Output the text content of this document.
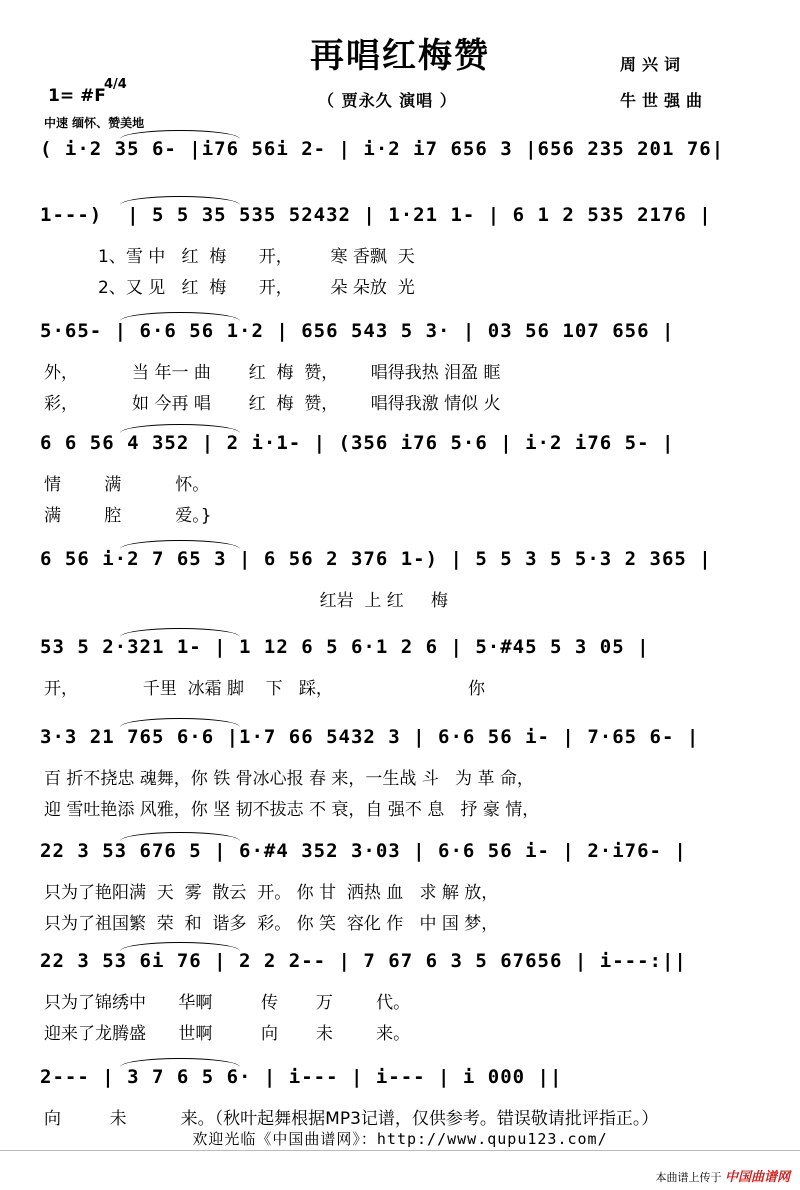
再唱红梅赞	周兴词
（ 贾永久 演唱 ）	牛世强曲
1= #F
4/4
中速 缅怀、赞美地
( i·2 35 6- |i76 56i 2- | i·2 i7 656 3 |656 235 201 76|
1---)  | 5 5 35 535 52432 | 1·21 1- | 6 1 2 535 2176 |
1、雪 中   红  梅      开，       寒 香飘  天
2、又 见   红  梅      开，       朵 朵放  光
5·65- | 6·6 56 1·2 | 656 543 5 3· | 03 56 107 656 |
外，          当 年一 曲       红  梅  赞，      唱得我热 泪盈 眶
彩，          如 今再 唱       红  梅  赞，      唱得我激 情似 火
6 6 56 4 352 | 2 i·1- | (356 i76 5·6 | i·2 i76 5- |
情        满          怀。
满        腔          爱。}
6 56 i·2 7 65 3 | 6 56 2 376 1-) | 5 5 3 5 5·3 2 365 |
红岩  上 红     梅
53 5 2·321 1- | 1 12 6 5 6·1 2 6 | 5·#45 5 3 05 |
开，            千里  冰霜 脚    下   踩，                         你
3·3 21 765 6·6 |1·7 66 5432 3 | 6·6 56 i- | 7·65 6- |
百 折不挠忠 魂舞，你 铁 骨冰心报 春 来，一生战 斗   为 革 命，
迎 雪吐艳添 风雅，你 坚 韧不拔志 不 衰，自 强不 息   抒 豪 情，
22 3 53 676 5 | 6·#4 352 3·03 | 6·6 56 i- | 2·i76- |
只为了艳阳满  天  雾  散云  开。 你 甘  洒热 血   求 解 放，
只为了祖国繁  荣  和  谐多  彩。 你 笑  容化 作   中 国 梦，
22 3 53 6i 76 | 2 2 2-- | 7 67 6 3 5 67656 | i---:||
只为了锦绣中      华啊         传       万        代。
迎来了龙腾盛      世啊         向       未        来。
2--- | 3 7 6 5 6· | i--- | i--- | i 000 ||
向         未          来。（秋叶起舞根据MP3记谱，仅供参考。错误敬请批评指正。）
欢迎光临《中国曲谱网》：http://www.qupu123.com/
本曲谱上传于 中国曲谱网
